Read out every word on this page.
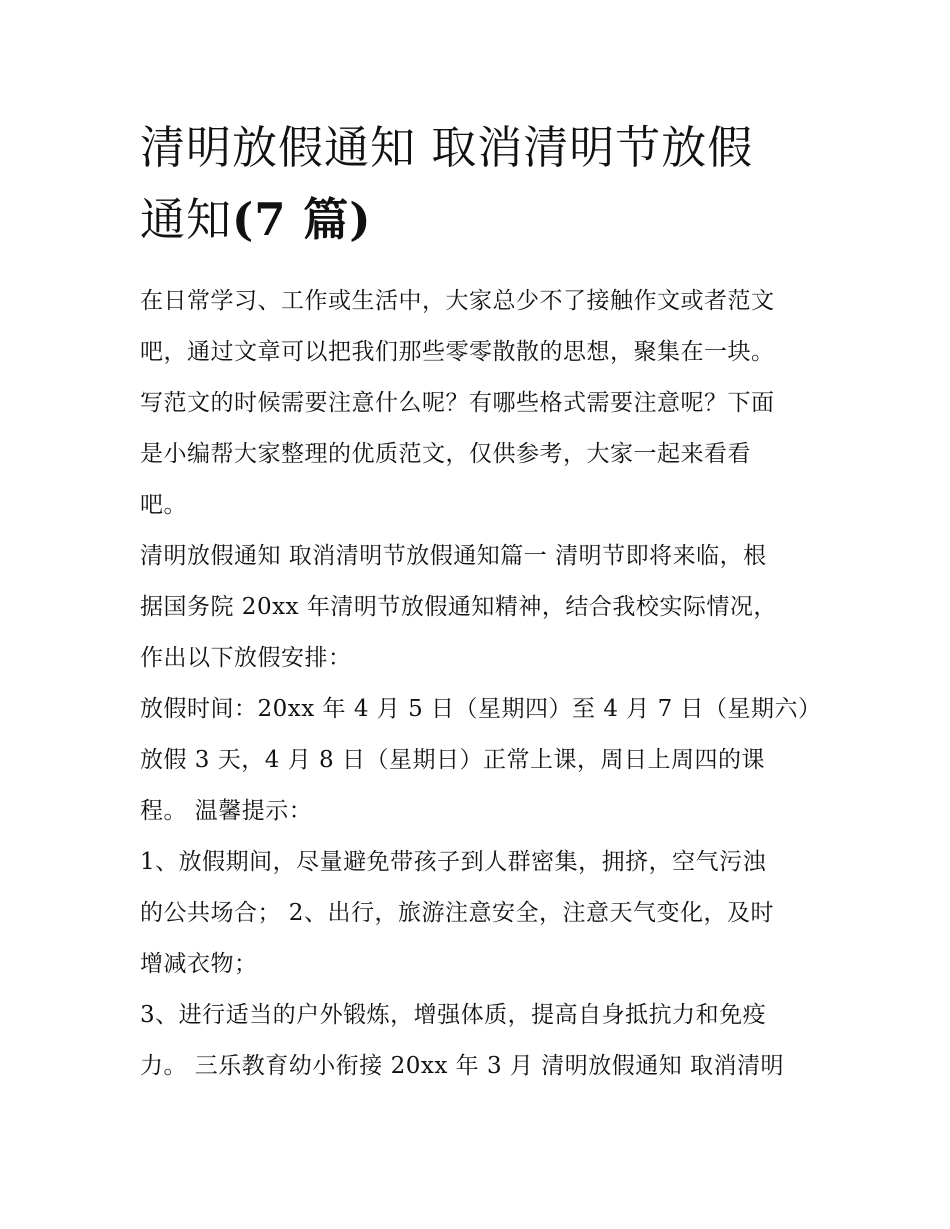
清明放假通知 取消清明节放假
通知(7 篇)

在日常学习、工作或生活中，大家总少不了接触作文或者范文
吧，通过文章可以把我们那些零零散散的思想，聚集在一块。
写范文的时候需要注意什么呢？有哪些格式需要注意呢？下面
是小编帮大家整理的优质范文，仅供参考，大家一起来看看
吧。

清明放假通知 取消清明节放假通知篇一 清明节即将来临，根
据国务院 20xx 年清明节放假通知精神，结合我校实际情况，
作出以下放假安排：

放假时间：20xx 年 4 月 5 日（星期四）至 4 月 7 日（星期六）
放假 3 天，4 月 8 日（星期日）正常上课，周日上周四的课
程。 温馨提示：

1、放假期间，尽量避免带孩子到人群密集，拥挤，空气污浊
的公共场合； 2、出行，旅游注意安全，注意天气变化，及时
增减衣物；

3、进行适当的户外锻炼，增强体质，提高自身抵抗力和免疫
力。 三乐教育幼小衔接 20xx 年 3 月 清明放假通知 取消清明
